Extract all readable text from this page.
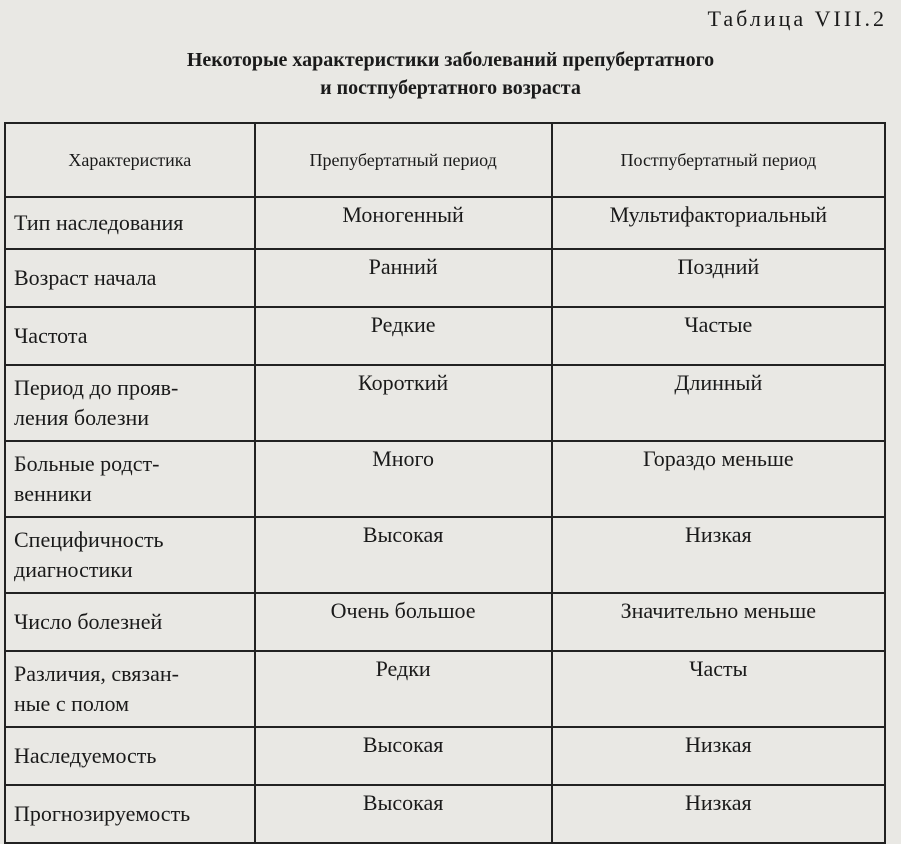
Таблица VIII.2
Некоторые характеристики заболеваний препубертатного
и постпубертатного возраста
Характеристика	Препубертатный период	Постпубертатный период
Тип наследования	Моногенный	Мультифакториальный
Возраст начала	Ранний	Поздний
Частота	Редкие	Частые
Период до прояв-
ления болезни	Короткий	Длинный
Больные родст-
венники	Много	Гораздо меньше
Специфичность
диагностики	Высокая	Низкая
Число болезней	Очень большое	Значительно меньше
Различия, связан-
ные с полом	Редки	Часты
Наследуемость	Высокая	Низкая
Прогнозируемость	Высокая	Низкая
